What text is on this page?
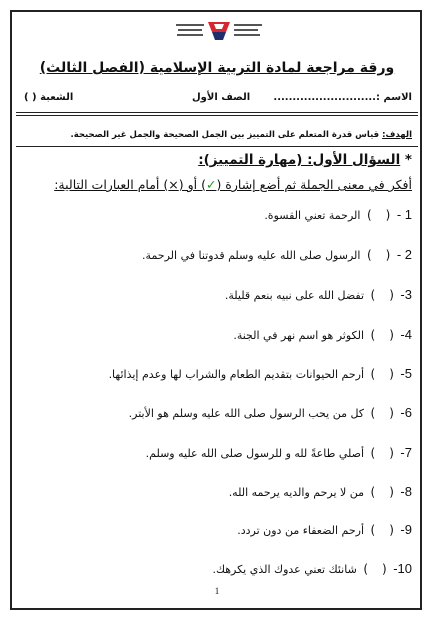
ورقة مراجعة لمادة التربية الإسلامية (الفصل الثالث)
الاسم :...........................
الصف الأول
الشعبة ( )
الهدف: قياس قدرة المتعلم على التمييز بين الجمل الصحيحة والجمل غير الصحيحة.
* السؤال الأول: (مهارة التمييز):
أفكر في معنى الجملة ثم أضع إشارة (✓) أو (×) أمام العبارات التالية:
1 - () الرحمة تعني القسوة.
2 - () الرسول صلى الله عليه وسلم قدوتنا في الرحمة.
3- () تفضل الله على نبيه بنعم قليلة.
4- () الكوثر هو اسم نهر في الجنة.
5- () أرحم الحيوانات بتقديم الطعام والشراب لها وعدم إيذائها.
6- () كل من يحب الرسول صلى الله عليه وسلم هو الأبتر.
7- () أصلي طاعةً لله و للرسول صلى الله عليه وسلم.
8- () من لا يرحم والديه يرحمه الله.
9- () أرحم الضعفاء من دون تردد.
10- () شانئك تعني عدوك الذي يكرهك.
1
